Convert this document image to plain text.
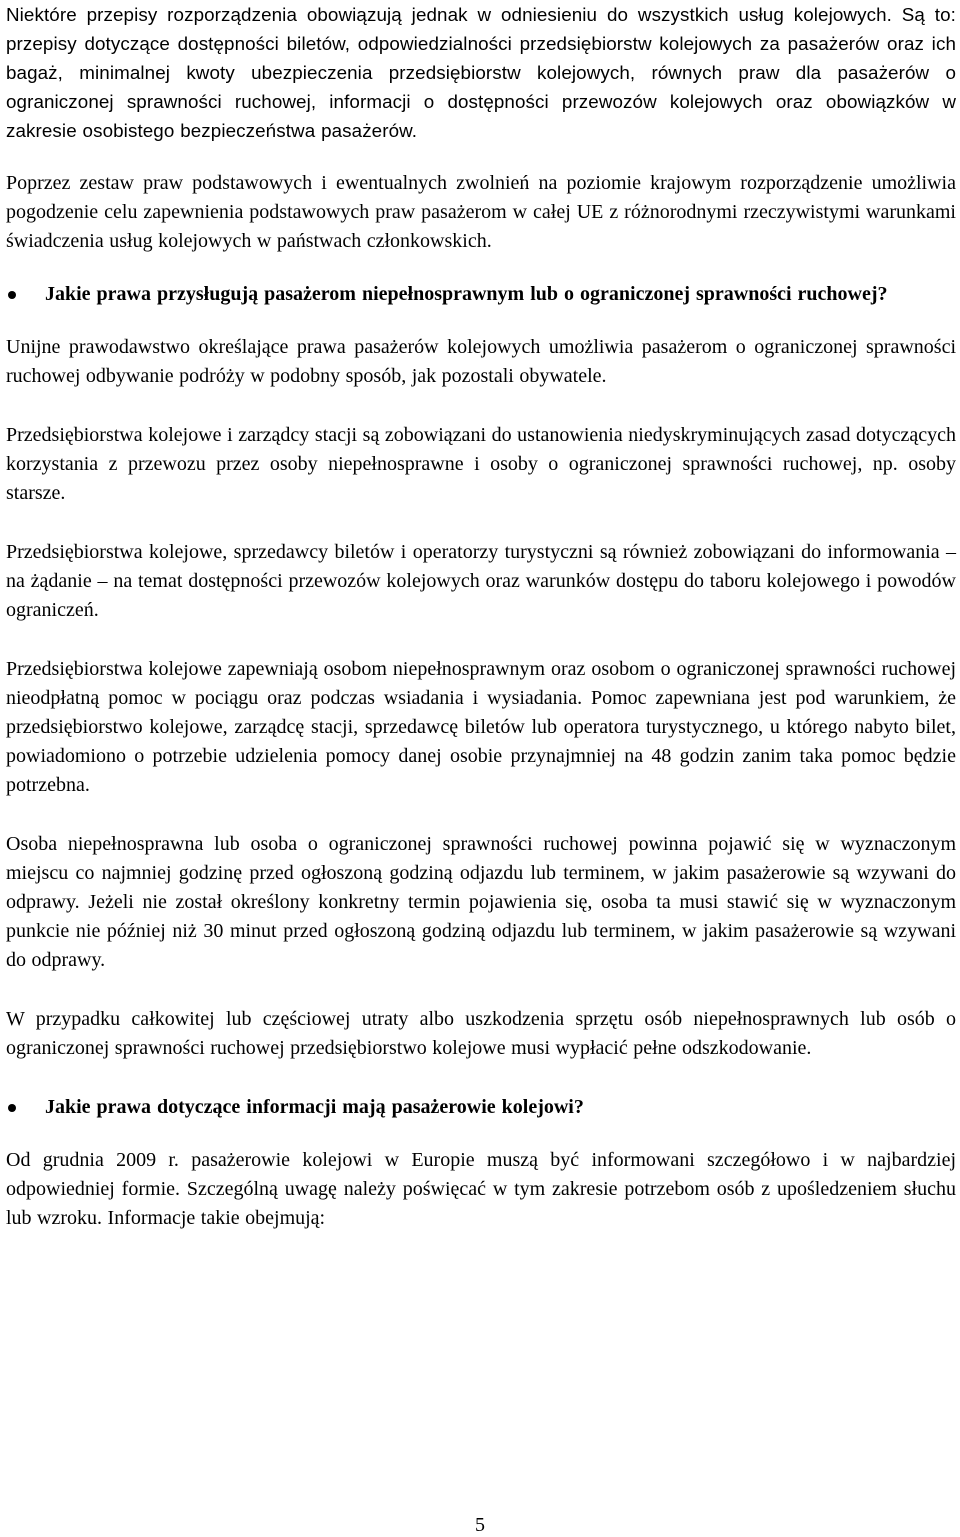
Niektóre przepisy rozporządzenia obowiązują jednak w odniesieniu do wszystkich usług kolejowych. Są to: przepisy dotyczące dostępności biletów, odpowiedzialności przedsiębiorstw kolejowych za pasażerów oraz ich bagaż, minimalnej kwoty ubezpieczenia przedsiębiorstw kolejowych, równych praw dla pasażerów o ograniczonej sprawności ruchowej, informacji o dostępności przewozów kolejowych oraz obowiązków w zakresie osobistego bezpieczeństwa pasażerów.

Poprzez zestaw praw podstawowych i ewentualnych zwolnień na poziomie krajowym rozporządzenie umożliwia pogodzenie celu zapewnienia podstawowych praw pasażerom w całej UE z różnorodnymi rzeczywistymi warunkami świadczenia usług kolejowych w państwach członkowskich.

Jakie prawa przysługują pasażerom niepełnosprawnym lub o ograniczonej sprawności ruchowej?

Unijne prawodawstwo określające prawa pasażerów kolejowych umożliwia pasażerom o ograniczonej sprawności ruchowej odbywanie podróży w podobny sposób, jak pozostali obywatele.

Przedsiębiorstwa kolejowe i zarządcy stacji są zobowiązani do ustanowienia niedyskryminujących zasad dotyczących korzystania z przewozu przez osoby niepełnosprawne i osoby o ograniczonej sprawności ruchowej, np. osoby starsze.

Przedsiębiorstwa kolejowe, sprzedawcy biletów i operatorzy turystyczni są również zobowiązani do informowania – na żądanie – na temat dostępności przewozów kolejowych oraz warunków dostępu do taboru kolejowego i powodów ograniczeń.

Przedsiębiorstwa kolejowe zapewniają osobom niepełnosprawnym oraz osobom o ograniczonej sprawności ruchowej nieodpłatną pomoc w pociągu oraz podczas wsiadania i wysiadania. Pomoc zapewniana jest pod warunkiem, że przedsiębiorstwo kolejowe, zarządcę stacji, sprzedawcę biletów lub operatora turystycznego, u którego nabyto bilet, powiadomiono o potrzebie udzielenia pomocy danej osobie przynajmniej na 48 godzin zanim taka pomoc będzie potrzebna.

Osoba niepełnosprawna lub osoba o ograniczonej sprawności ruchowej powinna pojawić się w wyznaczonym miejscu co najmniej godzinę przed ogłoszoną godziną odjazdu lub terminem, w jakim pasażerowie są wzywani do odprawy. Jeżeli nie został określony konkretny termin pojawienia się, osoba ta musi stawić się w wyznaczonym punkcie nie później niż 30 minut przed ogłoszoną godziną odjazdu lub terminem, w jakim pasażerowie są wzywani do odprawy.

W przypadku całkowitej lub częściowej utraty albo uszkodzenia sprzętu osób niepełnosprawnych lub osób o ograniczonej sprawności ruchowej przedsiębiorstwo kolejowe musi wypłacić pełne odszkodowanie.

Jakie prawa dotyczące informacji mają pasażerowie kolejowi?

Od grudnia 2009 r. pasażerowie kolejowi w Europie muszą być informowani szczegółowo i w najbardziej odpowiedniej formie. Szczególną uwagę należy poświęcać w tym zakresie potrzebom osób z upośledzeniem słuchu lub wzroku. Informacje takie obejmują:

5
